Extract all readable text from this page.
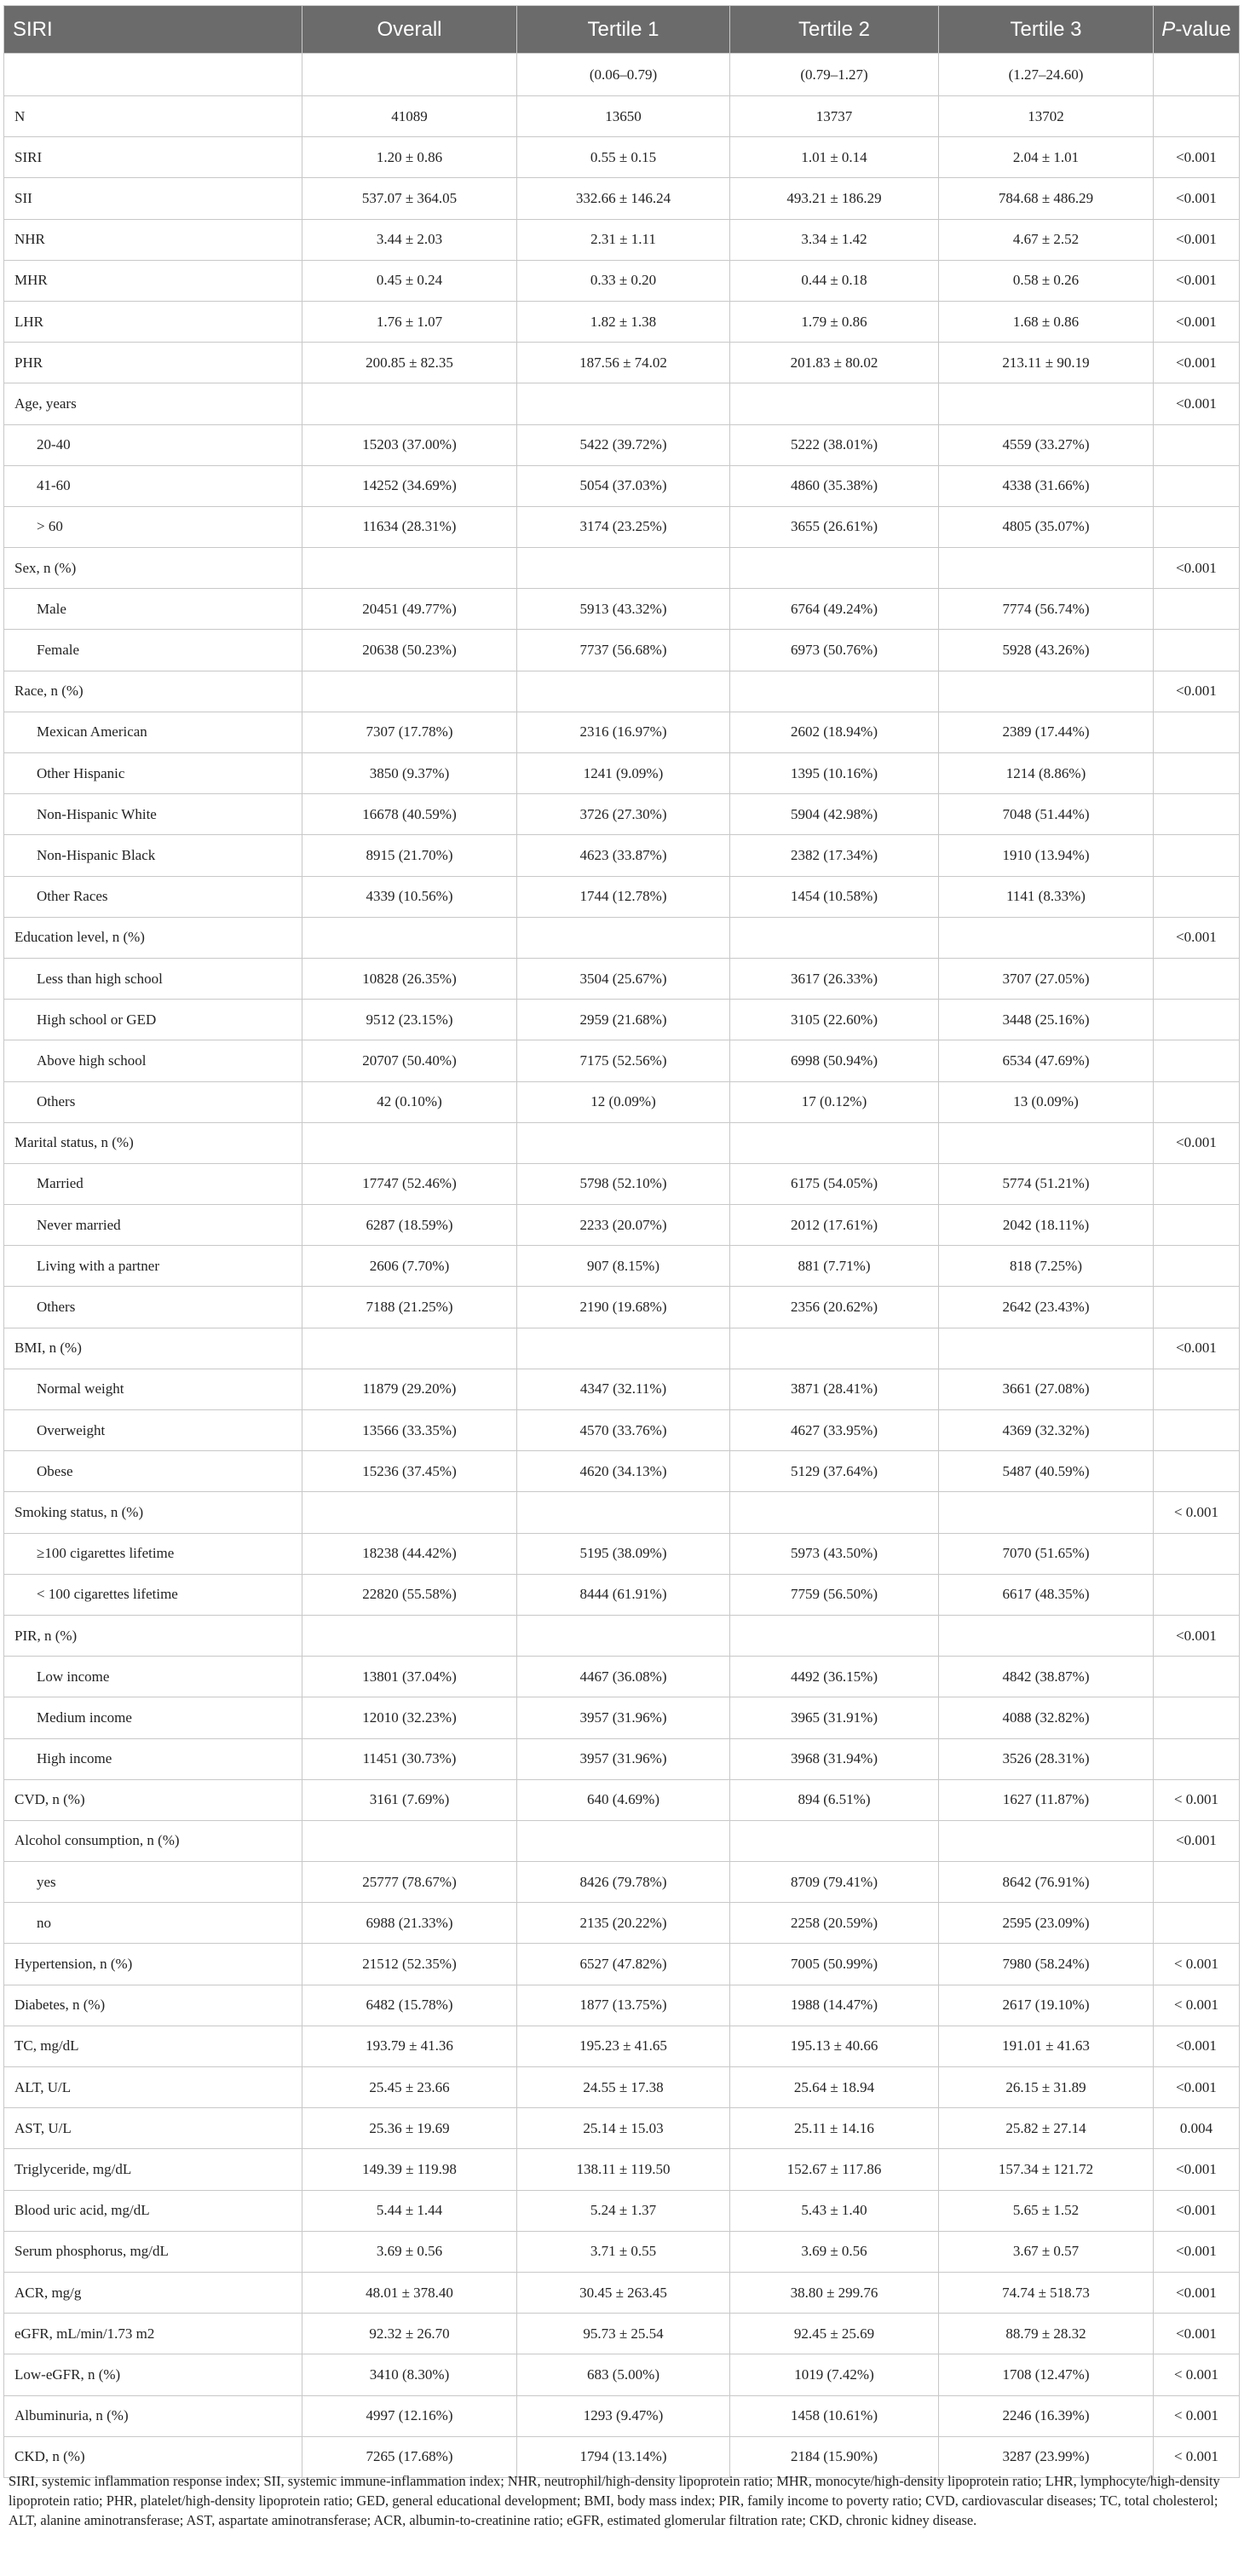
SIRI	Overall	Tertile 1	Tertile 2	Tertile 3	P-value
		(0.06–0.79)	(0.79–1.27)	(1.27–24.60)	
N	41089	13650	13737	13702	
SIRI	1.20 ± 0.86	0.55 ± 0.15	1.01 ± 0.14	2.04 ± 1.01	<0.001
SII	537.07 ± 364.05	332.66 ± 146.24	493.21 ± 186.29	784.68 ± 486.29	<0.001
NHR	3.44 ± 2.03	2.31 ± 1.11	3.34 ± 1.42	4.67 ± 2.52	<0.001
MHR	0.45 ± 0.24	0.33 ± 0.20	0.44 ± 0.18	0.58 ± 0.26	<0.001
LHR	1.76 ± 1.07	1.82 ± 1.38	1.79 ± 0.86	1.68 ± 0.86	<0.001
PHR	200.85 ± 82.35	187.56 ± 74.02	201.83 ± 80.02	213.11 ± 90.19	<0.001
Age, years					<0.001
20-40	15203 (37.00%)	5422 (39.72%)	5222 (38.01%)	4559 (33.27%)	
41-60	14252 (34.69%)	5054 (37.03%)	4860 (35.38%)	4338 (31.66%)	
> 60	11634 (28.31%)	3174 (23.25%)	3655 (26.61%)	4805 (35.07%)	
Sex, n (%)					<0.001
Male	20451 (49.77%)	5913 (43.32%)	6764 (49.24%)	7774 (56.74%)	
Female	20638 (50.23%)	7737 (56.68%)	6973 (50.76%)	5928 (43.26%)	
Race, n (%)					<0.001
Mexican American	7307 (17.78%)	2316 (16.97%)	2602 (18.94%)	2389 (17.44%)	
Other Hispanic	3850 (9.37%)	1241 (9.09%)	1395 (10.16%)	1214 (8.86%)	
Non-Hispanic White	16678 (40.59%)	3726 (27.30%)	5904 (42.98%)	7048 (51.44%)	
Non-Hispanic Black	8915 (21.70%)	4623 (33.87%)	2382 (17.34%)	1910 (13.94%)	
Other Races	4339 (10.56%)	1744 (12.78%)	1454 (10.58%)	1141 (8.33%)	
Education level, n (%)					<0.001
Less than high school	10828 (26.35%)	3504 (25.67%)	3617 (26.33%)	3707 (27.05%)	
High school or GED	9512 (23.15%)	2959 (21.68%)	3105 (22.60%)	3448 (25.16%)	
Above high school	20707 (50.40%)	7175 (52.56%)	6998 (50.94%)	6534 (47.69%)	
Others	42 (0.10%)	12 (0.09%)	17 (0.12%)	13 (0.09%)	
Marital status, n (%)					<0.001
Married	17747 (52.46%)	5798 (52.10%)	6175 (54.05%)	5774 (51.21%)	
Never married	6287 (18.59%)	2233 (20.07%)	2012 (17.61%)	2042 (18.11%)	
Living with a partner	2606 (7.70%)	907 (8.15%)	881 (7.71%)	818 (7.25%)	
Others	7188 (21.25%)	2190 (19.68%)	2356 (20.62%)	2642 (23.43%)	
BMI, n (%)					<0.001
Normal weight	11879 (29.20%)	4347 (32.11%)	3871 (28.41%)	3661 (27.08%)	
Overweight	13566 (33.35%)	4570 (33.76%)	4627 (33.95%)	4369 (32.32%)	
Obese	15236 (37.45%)	4620 (34.13%)	5129 (37.64%)	5487 (40.59%)	
Smoking status, n (%)					< 0.001
≥100 cigarettes lifetime	18238 (44.42%)	5195 (38.09%)	5973 (43.50%)	7070 (51.65%)	
< 100 cigarettes lifetime	22820 (55.58%)	8444 (61.91%)	7759 (56.50%)	6617 (48.35%)	
PIR, n (%)					<0.001
Low income	13801 (37.04%)	4467 (36.08%)	4492 (36.15%)	4842 (38.87%)	
Medium income	12010 (32.23%)	3957 (31.96%)	3965 (31.91%)	4088 (32.82%)	
High income	11451 (30.73%)	3957 (31.96%)	3968 (31.94%)	3526 (28.31%)	
CVD, n (%)	3161 (7.69%)	640 (4.69%)	894 (6.51%)	1627 (11.87%)	< 0.001
Alcohol consumption, n (%)					<0.001
yes	25777 (78.67%)	8426 (79.78%)	8709 (79.41%)	8642 (76.91%)	
no	6988 (21.33%)	2135 (20.22%)	2258 (20.59%)	2595 (23.09%)	
Hypertension, n (%)	21512 (52.35%)	6527 (47.82%)	7005 (50.99%)	7980 (58.24%)	< 0.001
Diabetes, n (%)	6482 (15.78%)	1877 (13.75%)	1988 (14.47%)	2617 (19.10%)	< 0.001
TC, mg/dL	193.79 ± 41.36	195.23 ± 41.65	195.13 ± 40.66	191.01 ± 41.63	<0.001
ALT, U/L	25.45 ± 23.66	24.55 ± 17.38	25.64 ± 18.94	26.15 ± 31.89	<0.001
AST, U/L	25.36 ± 19.69	25.14 ± 15.03	25.11 ± 14.16	25.82 ± 27.14	0.004
Triglyceride, mg/dL	149.39 ± 119.98	138.11 ± 119.50	152.67 ± 117.86	157.34 ± 121.72	<0.001
Blood uric acid, mg/dL	5.44 ± 1.44	5.24 ± 1.37	5.43 ± 1.40	5.65 ± 1.52	<0.001
Serum phosphorus, mg/dL	3.69 ± 0.56	3.71 ± 0.55	3.69 ± 0.56	3.67 ± 0.57	<0.001
ACR, mg/g	48.01 ± 378.40	30.45 ± 263.45	38.80 ± 299.76	74.74 ± 518.73	<0.001
eGFR, mL/min/1.73 m2	92.32 ± 26.70	95.73 ± 25.54	92.45 ± 25.69	88.79 ± 28.32	<0.001
Low-eGFR, n (%)	3410 (8.30%)	683 (5.00%)	1019 (7.42%)	1708 (12.47%)	< 0.001
Albuminuria, n (%)	4997 (12.16%)	1293 (9.47%)	1458 (10.61%)	2246 (16.39%)	< 0.001
CKD, n (%)	7265 (17.68%)	1794 (13.14%)	2184 (15.90%)	3287 (23.99%)	< 0.001
SIRI, systemic inflammation response index; SII, systemic immune-inflammation index; NHR, neutrophil/high-density lipoprotein ratio; MHR, monocyte/high-density lipoprotein ratio; LHR, lymphocyte/high-density lipoprotein ratio; PHR, platelet/high-density lipoprotein ratio; GED, general educational development; BMI, body mass index; PIR, family income to poverty ratio; CVD, cardiovascular diseases; TC, total cholesterol; ALT, alanine aminotransferase; AST, aspartate aminotransferase; ACR, albumin-to-creatinine ratio; eGFR, estimated glomerular filtration rate; CKD, chronic kidney disease.
